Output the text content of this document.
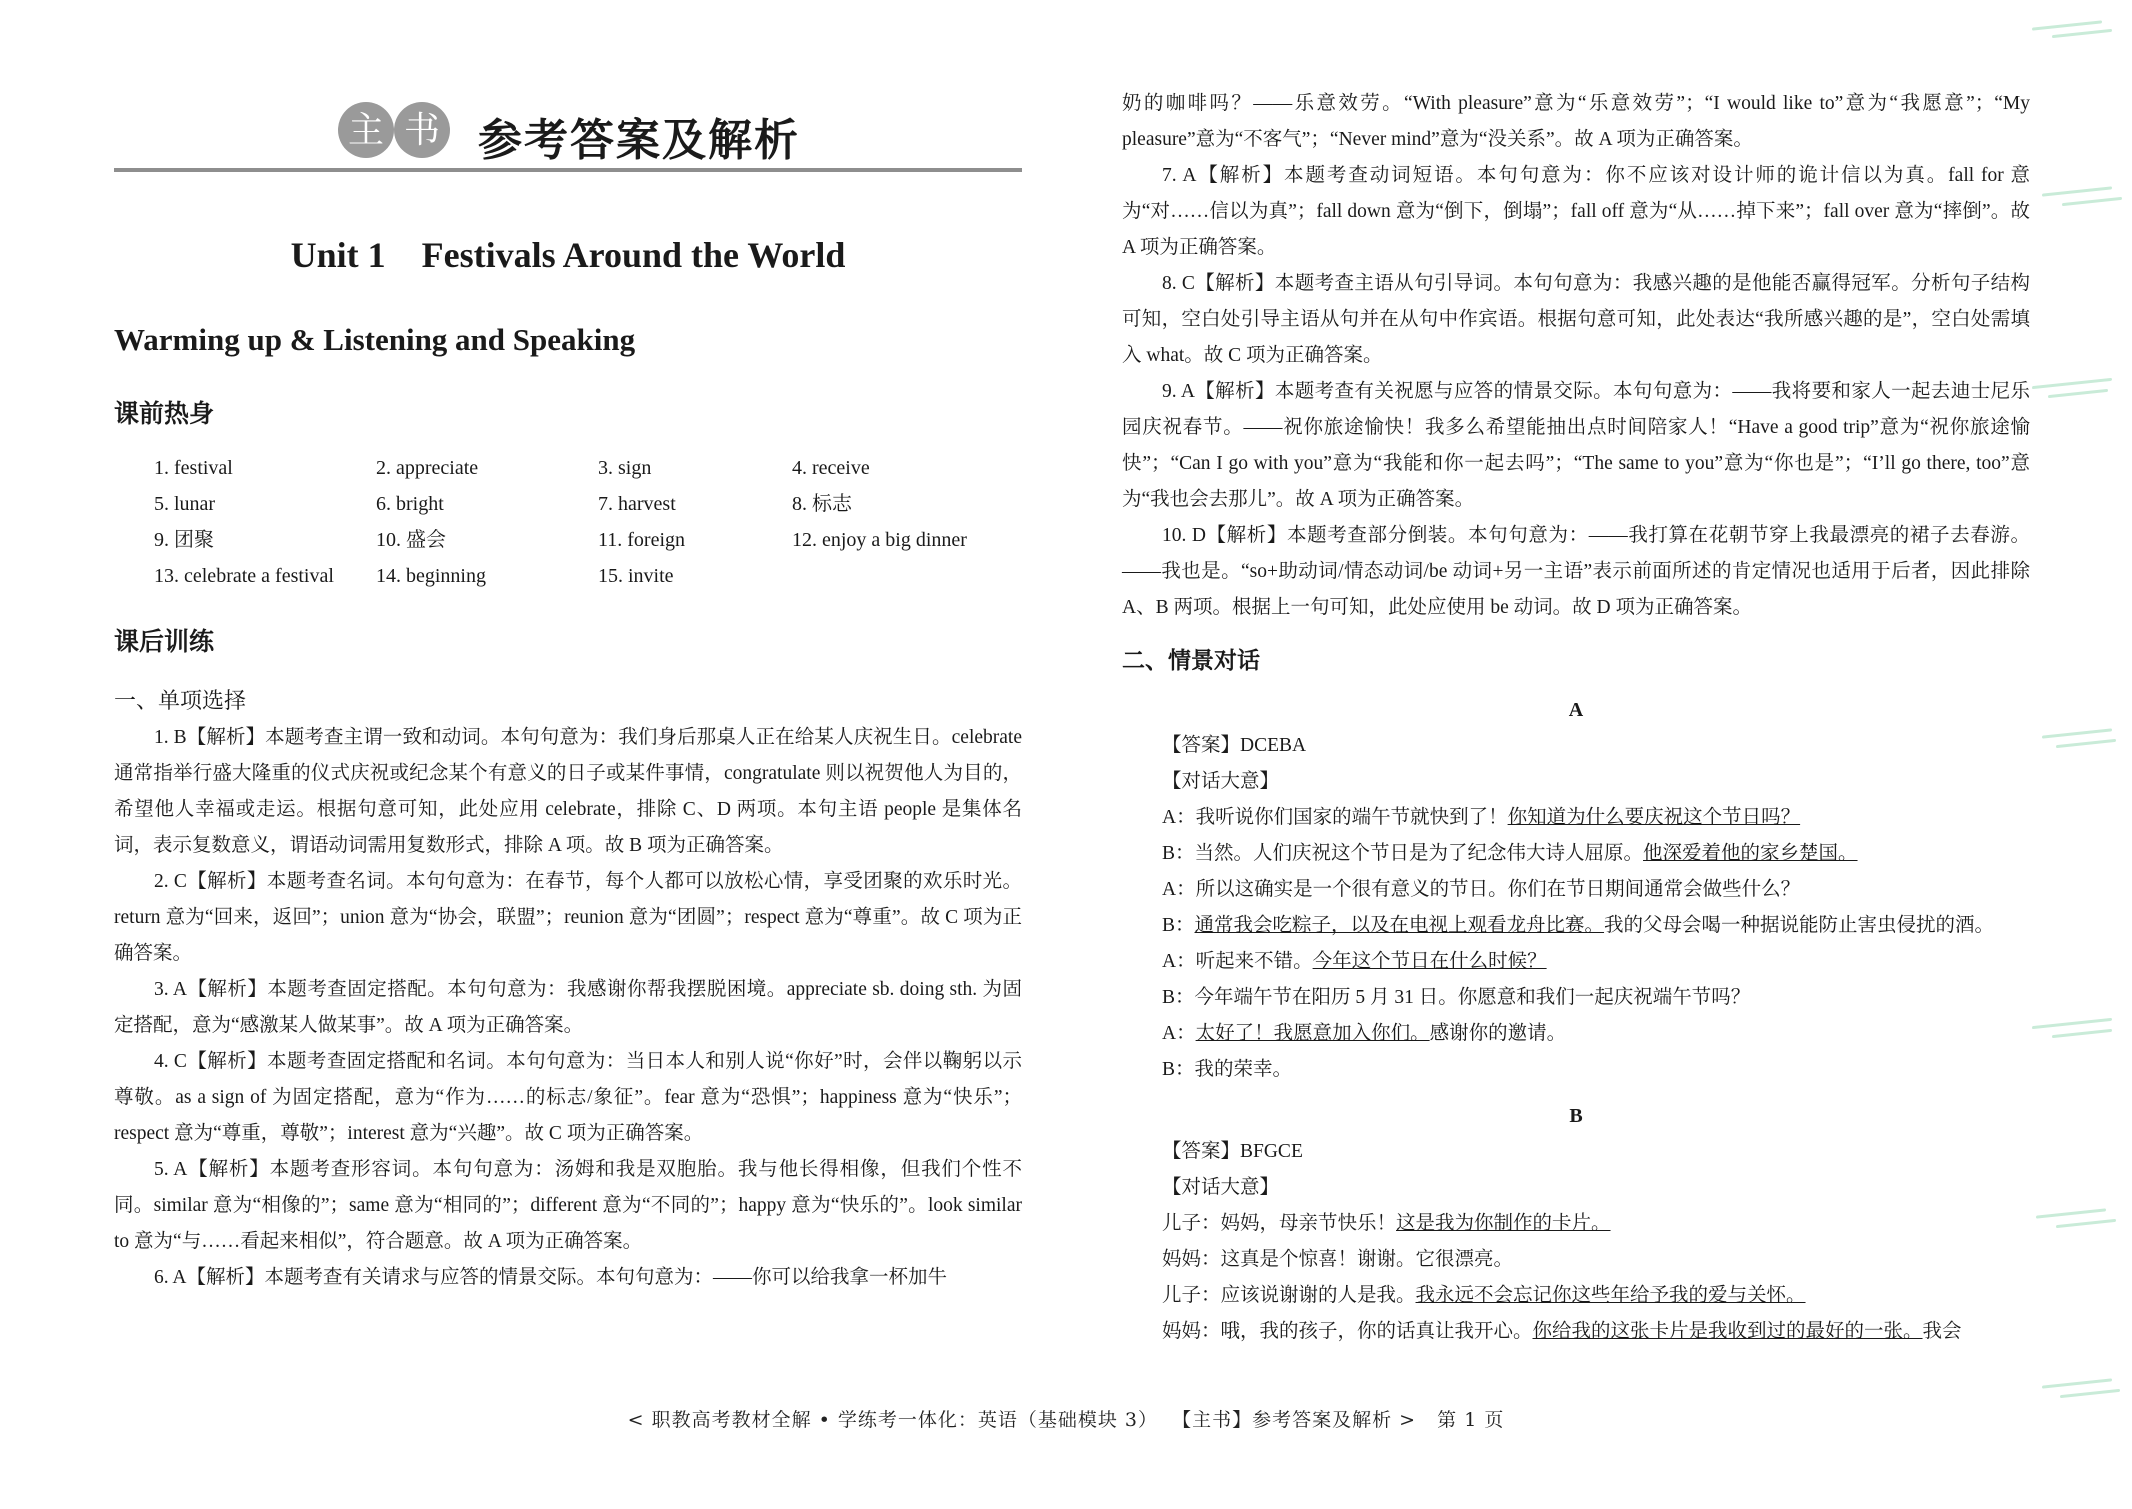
主 书 参考答案及解析
Unit 1    Festivals Around the World
Warming up & Listening and Speaking
课前热身
1. festival	2. appreciate	3. sign	4. receive
5. lunar	6. bright	7. harvest	8. 标志
9. 团聚	10. 盛会	11. foreign	12. enjoy a big dinner
13. celebrate a festival	14. beginning	15. invite
课后训练
一、单项选择

1. B【解析】本题考查主谓一致和动词。本句句意为：我们身后那桌人正在给某人庆祝生日。celebrate 通常指举行盛大隆重的仪式庆祝或纪念某个有意义的日子或某件事情，congratulate 则以祝贺他人为目的，希望他人幸福或走运。根据句意可知，此处应用 celebrate，排除 C、D 两项。本句主语 people 是集体名词，表示复数意义，谓语动词需用复数形式，排除 A 项。故 B 项为正确答案。

2. C【解析】本题考查名词。本句句意为：在春节，每个人都可以放松心情，享受团聚的欢乐时光。return 意为“回来，返回”；union 意为“协会，联盟”；reunion 意为“团圆”；respect 意为“尊重”。故 C 项为正确答案。

3. A【解析】本题考查固定搭配。本句句意为：我感谢你帮我摆脱困境。appreciate sb. doing sth. 为固定搭配，意为“感激某人做某事”。故 A 项为正确答案。

4. C【解析】本题考查固定搭配和名词。本句句意为：当日本人和别人说“你好”时，会伴以鞠躬以示尊敬。as a sign of 为固定搭配，意为“作为……的标志/象征”。fear 意为“恐惧”；happiness 意为“快乐”；respect 意为“尊重，尊敬”；interest 意为“兴趣”。故 C 项为正确答案。

5. A【解析】本题考查形容词。本句句意为：汤姆和我是双胞胎。我与他长得相像，但我们个性不同。similar 意为“相像的”；same 意为“相同的”；different 意为“不同的”；happy 意为“快乐的”。look similar to 意为“与……看起来相似”，符合题意。故 A 项为正确答案。

6. A【解析】本题考查有关请求与应答的情景交际。本句句意为：——你可以给我拿一杯加牛

奶的咖啡吗？——乐意效劳。“With pleasure”意为“乐意效劳”；“I would like to”意为“我愿意”；“My pleasure”意为“不客气”；“Never mind”意为“没关系”。故 A 项为正确答案。

7. A【解析】本题考查动词短语。本句句意为：你不应该对设计师的诡计信以为真。fall for 意为“对……信以为真”；fall down 意为“倒下，倒塌”；fall off 意为“从……掉下来”；fall over 意为“摔倒”。故 A 项为正确答案。

8. C【解析】本题考查主语从句引导词。本句句意为：我感兴趣的是他能否赢得冠军。分析句子结构可知，空白处引导主语从句并在从句中作宾语。根据句意可知，此处表达“我所感兴趣的是”，空白处需填入 what。故 C 项为正确答案。

9. A【解析】本题考查有关祝愿与应答的情景交际。本句句意为：——我将要和家人一起去迪士尼乐园庆祝春节。——祝你旅途愉快！我多么希望能抽出点时间陪家人！“Have a good trip”意为“祝你旅途愉快”；“Can I go with you”意为“我能和你一起去吗”；“The same to you”意为“你也是”；“I’ll go there, too”意为“我也会去那儿”。故 A 项为正确答案。

10. D【解析】本题考查部分倒装。本句句意为：——我打算在花朝节穿上我最漂亮的裙子去春游。——我也是。“so+助动词/情态动词/be 动词+另一主语”表示前面所述的肯定情况也适用于后者，因此排除 A、B 两项。根据上一句可知，此处应使用 be 动词。故 D 项为正确答案。

二、情景对话
A
【答案】DCEBA
【对话大意】
A：我听说你们国家的端午节就快到了！你知道为什么要庆祝这个节日吗？
B：当然。人们庆祝这个节日是为了纪念伟大诗人屈原。他深爱着他的家乡楚国。
A：所以这确实是一个很有意义的节日。你们在节日期间通常会做些什么？
B：通常我会吃粽子，以及在电视上观看龙舟比赛。我的父母会喝一种据说能防止害虫侵扰的酒。
A：听起来不错。今年这个节日在什么时候？
B：今年端午节在阳历 5 月 31 日。你愿意和我们一起庆祝端午节吗？
A：太好了！我愿意加入你们。感谢你的邀请。
B：我的荣幸。
B
【答案】BFGCE
【对话大意】
儿子：妈妈，母亲节快乐！这是我为你制作的卡片。
妈妈：这真是个惊喜！谢谢。它很漂亮。
儿子：应该说谢谢的人是我。我永远不会忘记你这些年给予我的爱与关怀。
妈妈：哦，我的孩子，你的话真让我开心。你给我的这张卡片是我收到过的最好的一张。我会
< 职教高考教材全解 • 学练考一体化：英语（基础模块 3）  【主书】参考答案及解析 >   第 1 页
